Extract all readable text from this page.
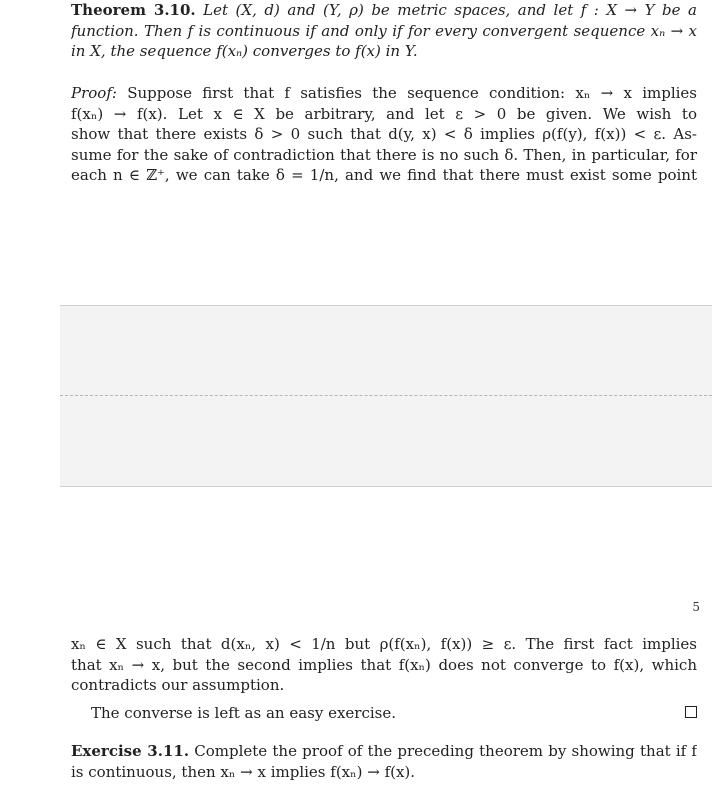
Theorem 3.10. Let (X, d) and (Y, ρ) be metric spaces, and let f : X → Y be a
function. Then f is continuous if and only if for every convergent sequence xₙ → x
in X, the sequence f(xₙ) converges to f(x) in Y.
Proof: Suppose first that f satisfies the sequence condition: xₙ → x implies
f(xₙ) → f(x). Let x ∈ X be arbitrary, and let ε > 0 be given. We wish to
show that there exists δ > 0 such that d(y, x) < δ implies ρ(f(y), f(x)) < ε. As-
sume for the sake of contradiction that there is no such δ. Then, in particular, for
each n ∈ ℤ⁺, we can take δ = 1/n, and we find that there must exist some point
5
xₙ ∈ X such that d(xₙ, x) < 1/n but ρ(f(xₙ), f(x)) ≥ ε. The first fact implies
that xₙ → x, but the second implies that f(xₙ) does not converge to f(x), which
contradicts our assumption.
The converse is left as an easy exercise.
Exercise 3.11. Complete the proof of the preceding theorem by showing that if f
is continuous, then xₙ → x implies f(xₙ) → f(x).
